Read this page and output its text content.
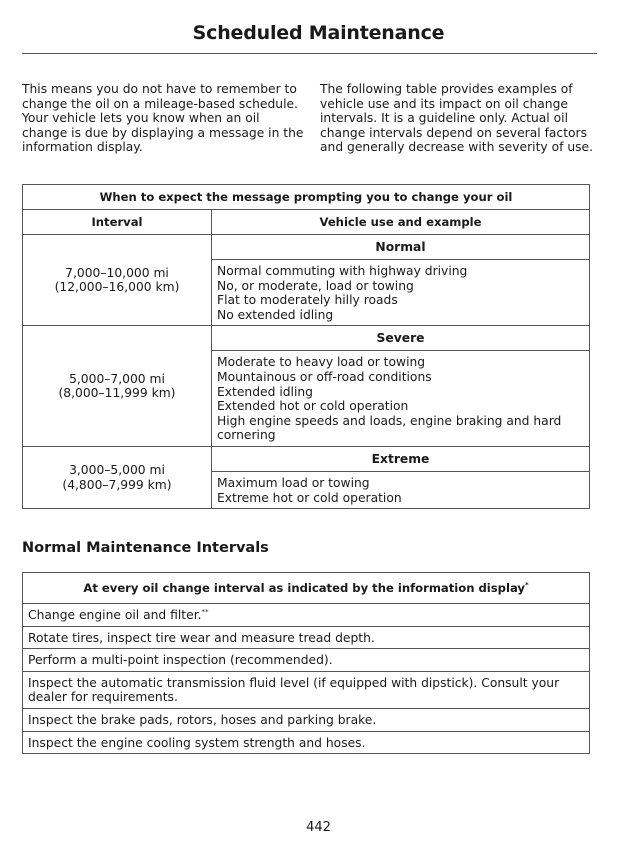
Scheduled Maintenance
This means you do not have to remember to change the oil on a mileage-based schedule. Your vehicle lets you know when an oil change is due by displaying a message in the information display.
The following table provides examples of vehicle use and its impact on oil change intervals. It is a guideline only. Actual oil change intervals depend on several factors and generally decrease with severity of use.
When to expect the message prompting you to change your oil	
Interval	Vehicle use and example

7,000–10,000 mi
(12,000–16,000 km)	Normal

	Normal commuting with highway driving
No, or moderate, load or towing
Flat to moderately hilly roads
No extended idling

5,000–7,000 mi
(8,000–11,999 km)	Severe

	Moderate to heavy load or towing
Mountainous or off-road conditions
Extended idling
Extended hot or cold operation
High engine speeds and loads, engine braking and hard cornering

3,000–5,000 mi
(4,800–7,999 km)	Extreme

	Maximum load or towing
Extreme hot or cold operation
Normal Maintenance Intervals
At every oil change interval as indicated by the information display*
Change engine oil and filter.**
Rotate tires, inspect tire wear and measure tread depth.
Perform a multi-point inspection (recommended).
Inspect the automatic transmission fluid level (if equipped with dipstick). Consult your dealer for requirements.
Inspect the brake pads, rotors, hoses and parking brake.
Inspect the engine cooling system strength and hoses.
442
